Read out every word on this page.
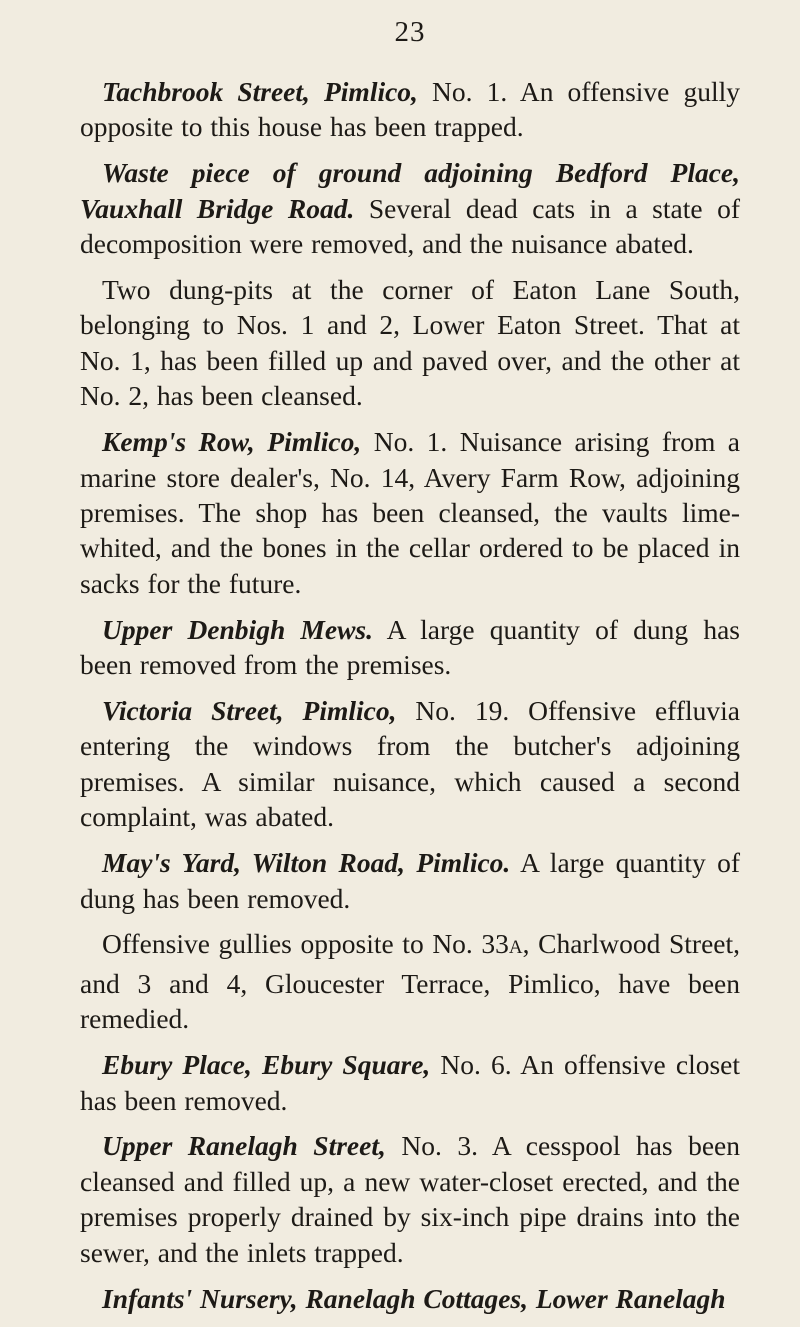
23

Tachbrook Street, Pimlico, No. 1. An offensive gully opposite to this house has been trapped.

Waste piece of ground adjoining Bedford Place, Vauxhall Bridge Road. Several dead cats in a state of decomposition were removed, and the nuisance abated.

Two dung-pits at the corner of Eaton Lane South, belonging to Nos. 1 and 2, Lower Eaton Street. That at No. 1, has been filled up and paved over, and the other at No. 2, has been cleansed.

Kemp's Row, Pimlico, No. 1. Nuisance arising from a marine store dealer's, No. 14, Avery Farm Row, adjoining premises. The shop has been cleansed, the vaults lime-whited, and the bones in the cellar ordered to be placed in sacks for the future.

Upper Denbigh Mews. A large quantity of dung has been removed from the premises.

Victoria Street, Pimlico, No. 19. Offensive effluvia entering the windows from the butcher's adjoining premises. A similar nuisance, which caused a second complaint, was abated.

May's Yard, Wilton Road, Pimlico. A large quantity of dung has been removed.

Offensive gullies opposite to No. 33A, Charlwood Street, and 3 and 4, Gloucester Terrace, Pimlico, have been remedied.

Ebury Place, Ebury Square, No. 6. An offensive closet has been removed.

Upper Ranelagh Street, No. 3. A cesspool has been cleansed and filled up, a new water-closet erected, and the premises properly drained by six-inch pipe drains into the sewer, and the inlets trapped.

Infants' Nursery, Ranelagh Cottages, Lower Ranelagh
